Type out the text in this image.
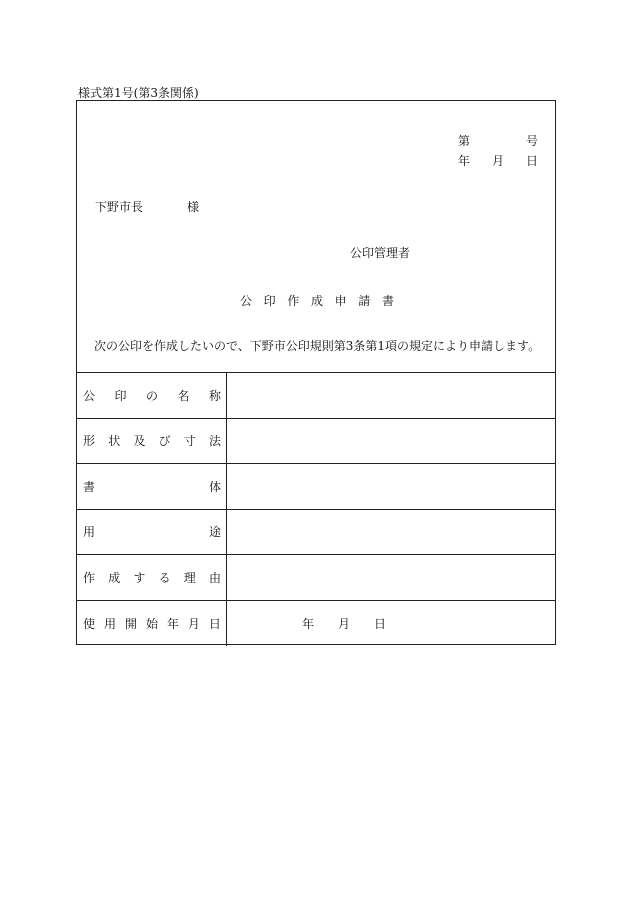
様式第1号(第3条関係)
第	号
年 月 日
下野市長	様
公印管理者
公 印 作 成 申 請 書
次の公印を作成したいので、下野市公印規則第3条第1項の規定により申請します。
公 印 の 名 称
形 状 及 び 寸 法
書	体
用	途
作 成 す る 理 由
使 用 開 始 年 月 日	年 月 日
